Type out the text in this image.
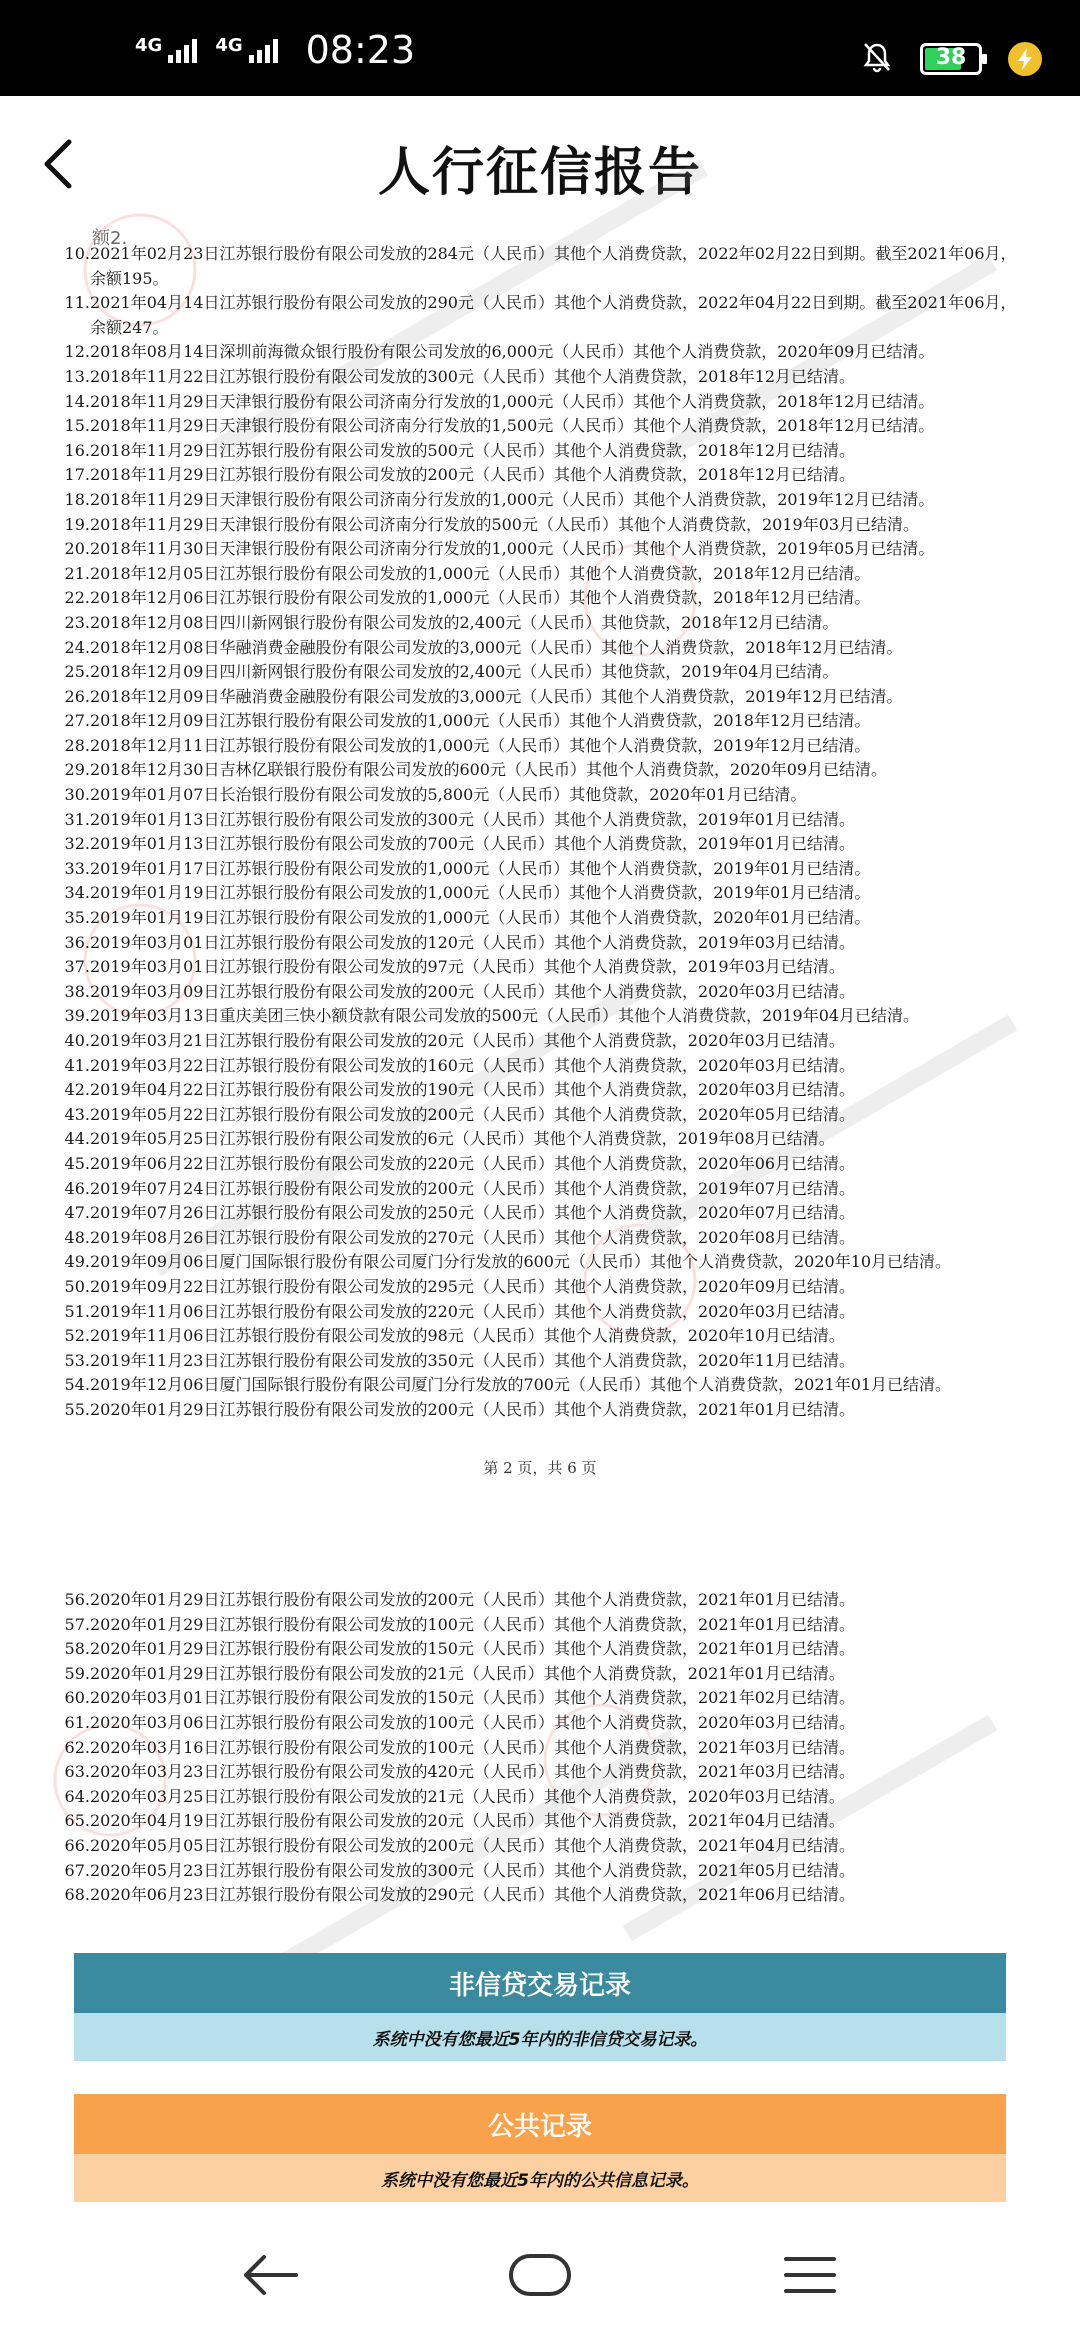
4G	4G 08:23	38
人行征信报告
额2.
10. 2021年02月23日江苏银行股份有限公司发放的284元（人民币）其他个人消费贷款，2022年02月22日到期。截至2021年06月，余额195。
11. 2021年04月14日江苏银行股份有限公司发放的290元（人民币）其他个人消费贷款，2022年04月22日到期。截至2021年06月，余额247。
12. 2018年08月14日深圳前海微众银行股份有限公司发放的6,000元（人民币）其他个人消费贷款，2020年09月已结清。
13. 2018年11月22日江苏银行股份有限公司发放的300元（人民币）其他个人消费贷款，2018年12月已结清。
14. 2018年11月29日天津银行股份有限公司济南分行发放的1,000元（人民币）其他个人消费贷款，2018年12月已结清。
15. 2018年11月29日天津银行股份有限公司济南分行发放的1,500元（人民币）其他个人消费贷款，2018年12月已结清。
16. 2018年11月29日江苏银行股份有限公司发放的500元（人民币）其他个人消费贷款，2018年12月已结清。
17. 2018年11月29日江苏银行股份有限公司发放的200元（人民币）其他个人消费贷款，2018年12月已结清。
18. 2018年11月29日天津银行股份有限公司济南分行发放的1,000元（人民币）其他个人消费贷款，2019年12月已结清。
19. 2018年11月29日天津银行股份有限公司济南分行发放的500元（人民币）其他个人消费贷款，2019年03月已结清。
20. 2018年11月30日天津银行股份有限公司济南分行发放的1,000元（人民币）其他个人消费贷款，2019年05月已结清。
21. 2018年12月05日江苏银行股份有限公司发放的1,000元（人民币）其他个人消费贷款，2018年12月已结清。
22. 2018年12月06日江苏银行股份有限公司发放的1,000元（人民币）其他个人消费贷款，2018年12月已结清。
23. 2018年12月08日四川新网银行股份有限公司发放的2,400元（人民币）其他贷款，2018年12月已结清。
24. 2018年12月08日华融消费金融股份有限公司发放的3,000元（人民币）其他个人消费贷款，2018年12月已结清。
25. 2018年12月09日四川新网银行股份有限公司发放的2,400元（人民币）其他贷款，2019年04月已结清。
26. 2018年12月09日华融消费金融股份有限公司发放的3,000元（人民币）其他个人消费贷款，2019年12月已结清。
27. 2018年12月09日江苏银行股份有限公司发放的1,000元（人民币）其他个人消费贷款，2018年12月已结清。
28. 2018年12月11日江苏银行股份有限公司发放的1,000元（人民币）其他个人消费贷款，2019年12月已结清。
29. 2018年12月30日吉林亿联银行股份有限公司发放的600元（人民币）其他个人消费贷款，2020年09月已结清。
30. 2019年01月07日长治银行股份有限公司发放的5,800元（人民币）其他贷款，2020年01月已结清。
31. 2019年01月13日江苏银行股份有限公司发放的300元（人民币）其他个人消费贷款，2019年01月已结清。
32. 2019年01月13日江苏银行股份有限公司发放的700元（人民币）其他个人消费贷款，2019年01月已结清。
33. 2019年01月17日江苏银行股份有限公司发放的1,000元（人民币）其他个人消费贷款，2019年01月已结清。
34. 2019年01月19日江苏银行股份有限公司发放的1,000元（人民币）其他个人消费贷款，2019年01月已结清。
35. 2019年01月19日江苏银行股份有限公司发放的1,000元（人民币）其他个人消费贷款，2020年01月已结清。
36. 2019年03月01日江苏银行股份有限公司发放的120元（人民币）其他个人消费贷款，2019年03月已结清。
37. 2019年03月01日江苏银行股份有限公司发放的97元（人民币）其他个人消费贷款，2019年03月已结清。
38. 2019年03月09日江苏银行股份有限公司发放的200元（人民币）其他个人消费贷款，2020年03月已结清。
39. 2019年03月13日重庆美团三快小额贷款有限公司发放的500元（人民币）其他个人消费贷款，2019年04月已结清。
40. 2019年03月21日江苏银行股份有限公司发放的20元（人民币）其他个人消费贷款，2020年03月已结清。
41. 2019年03月22日江苏银行股份有限公司发放的160元（人民币）其他个人消费贷款，2020年03月已结清。
42. 2019年04月22日江苏银行股份有限公司发放的190元（人民币）其他个人消费贷款，2020年03月已结清。
43. 2019年05月22日江苏银行股份有限公司发放的200元（人民币）其他个人消费贷款，2020年05月已结清。
44. 2019年05月25日江苏银行股份有限公司发放的6元（人民币）其他个人消费贷款，2019年08月已结清。
45. 2019年06月22日江苏银行股份有限公司发放的220元（人民币）其他个人消费贷款，2020年06月已结清。
46. 2019年07月24日江苏银行股份有限公司发放的200元（人民币）其他个人消费贷款，2019年07月已结清。
47. 2019年07月26日江苏银行股份有限公司发放的250元（人民币）其他个人消费贷款，2020年07月已结清。
48. 2019年08月26日江苏银行股份有限公司发放的270元（人民币）其他个人消费贷款，2020年08月已结清。
49. 2019年09月06日厦门国际银行股份有限公司厦门分行发放的600元（人民币）其他个人消费贷款，2020年10月已结清。
50. 2019年09月22日江苏银行股份有限公司发放的295元（人民币）其他个人消费贷款，2020年09月已结清。
51. 2019年11月06日江苏银行股份有限公司发放的220元（人民币）其他个人消费贷款，2020年03月已结清。
52. 2019年11月06日江苏银行股份有限公司发放的98元（人民币）其他个人消费贷款，2020年10月已结清。
53. 2019年11月23日江苏银行股份有限公司发放的350元（人民币）其他个人消费贷款，2020年11月已结清。
54. 2019年12月06日厦门国际银行股份有限公司厦门分行发放的700元（人民币）其他个人消费贷款，2021年01月已结清。
55. 2020年01月29日江苏银行股份有限公司发放的200元（人民币）其他个人消费贷款，2021年01月已结清。
第 2 页，共 6 页
56. 2020年01月29日江苏银行股份有限公司发放的200元（人民币）其他个人消费贷款，2021年01月已结清。
57. 2020年01月29日江苏银行股份有限公司发放的100元（人民币）其他个人消费贷款，2021年01月已结清。
58. 2020年01月29日江苏银行股份有限公司发放的150元（人民币）其他个人消费贷款，2021年01月已结清。
59. 2020年01月29日江苏银行股份有限公司发放的21元（人民币）其他个人消费贷款，2021年01月已结清。
60. 2020年03月01日江苏银行股份有限公司发放的150元（人民币）其他个人消费贷款，2021年02月已结清。
61. 2020年03月06日江苏银行股份有限公司发放的100元（人民币）其他个人消费贷款，2020年03月已结清。
62. 2020年03月16日江苏银行股份有限公司发放的100元（人民币）其他个人消费贷款，2021年03月已结清。
63. 2020年03月23日江苏银行股份有限公司发放的420元（人民币）其他个人消费贷款，2021年03月已结清。
64. 2020年03月25日江苏银行股份有限公司发放的21元（人民币）其他个人消费贷款，2020年03月已结清。
65. 2020年04月19日江苏银行股份有限公司发放的20元（人民币）其他个人消费贷款，2021年04月已结清。
66. 2020年05月05日江苏银行股份有限公司发放的200元（人民币）其他个人消费贷款，2021年04月已结清。
67. 2020年05月23日江苏银行股份有限公司发放的300元（人民币）其他个人消费贷款，2021年05月已结清。
68. 2020年06月23日江苏银行股份有限公司发放的290元（人民币）其他个人消费贷款，2021年06月已结清。
非信贷交易记录
系统中没有您最近5年内的非信贷交易记录。
公共记录
系统中没有您最近5年内的公共信息记录。
